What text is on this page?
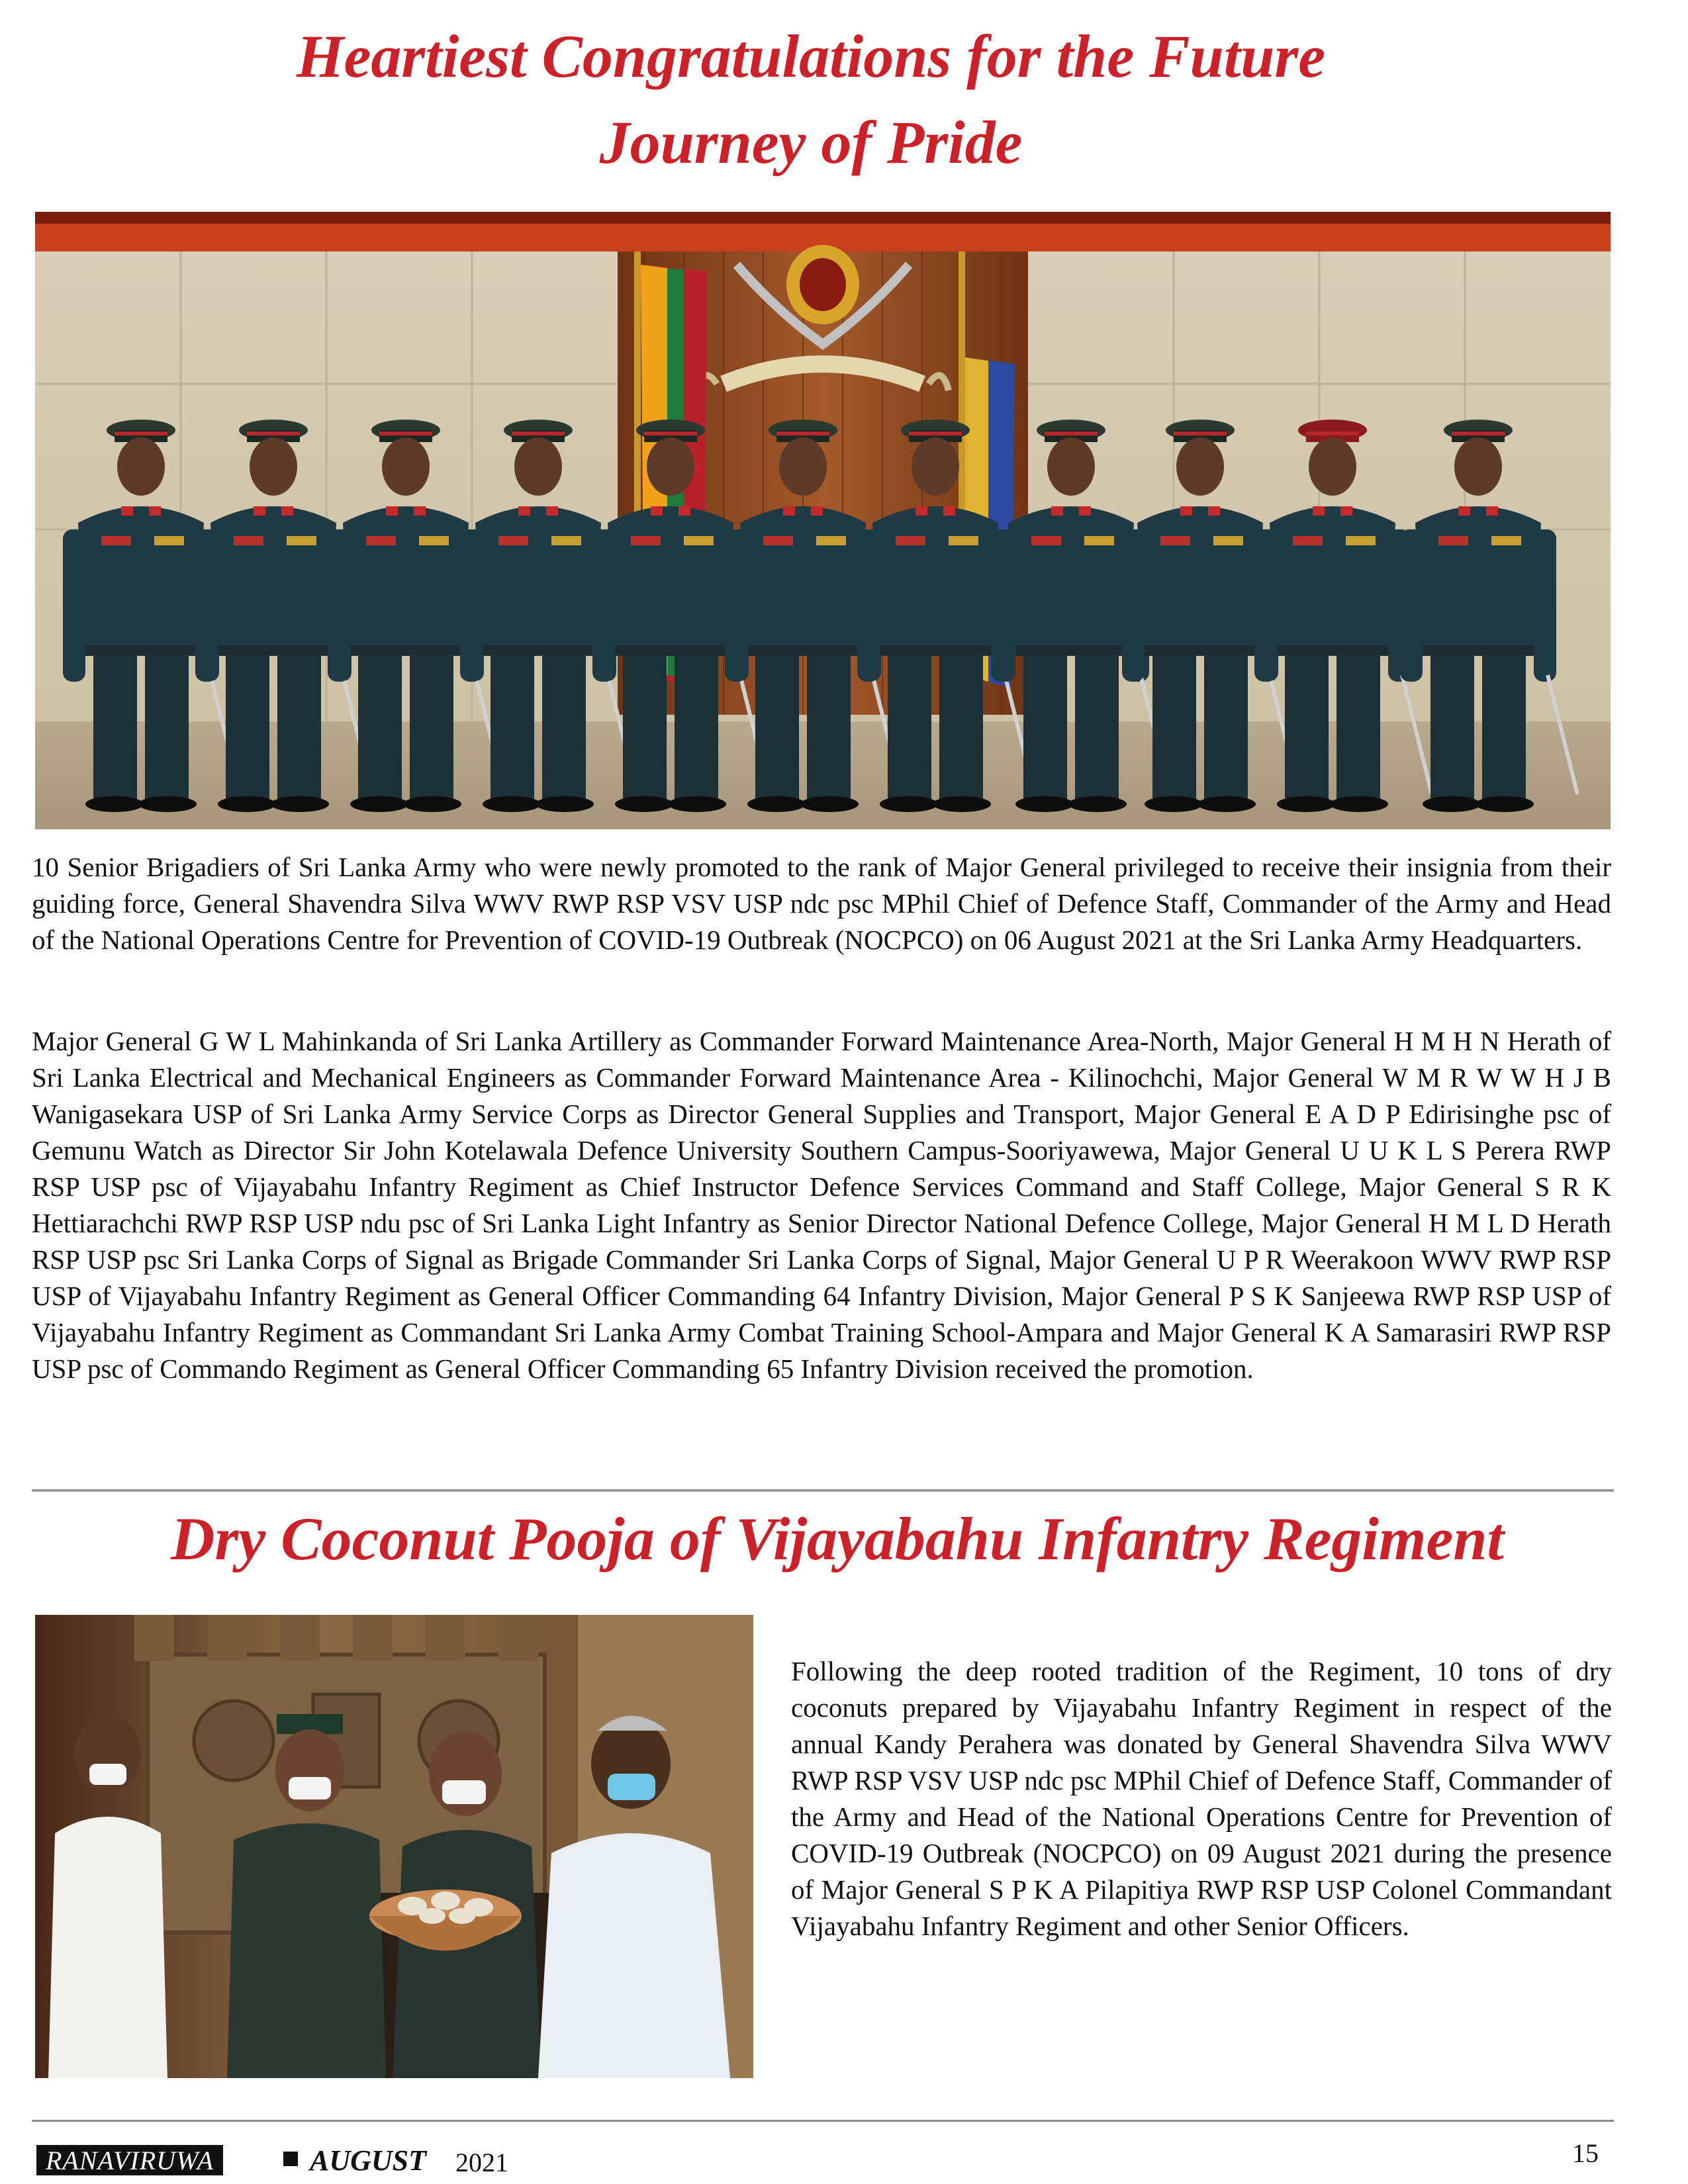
Heartiest Congratulations for the Future
Journey of Pride

10 Senior Brigadiers of Sri Lanka Army who were newly promoted to the rank of Major General privileged to receive their insignia from their guiding force, General Shavendra Silva WWV RWP RSP VSV USP ndc psc MPhil Chief of Defence Staff, Commander of the Army and Head of the National Operations Centre for Prevention of COVID-19 Outbreak (NOCPCO) on 06 August 2021 at the Sri Lanka Army Headquarters.

Major General G W L Mahinkanda of Sri Lanka Artillery as Commander Forward Maintenance Area-North, Major General H M H N Herath of Sri Lanka Electrical and Mechanical Engineers as Commander Forward Maintenance Area - Kilinochchi, Major General W M R W W H J B Wanigasekara USP of Sri Lanka Army Service Corps as Director General Supplies and Transport, Major General E A D P Edirisinghe psc of Gemunu Watch as Director Sir John Kotelawala Defence University Southern Campus-Sooriyawewa, Major General U U K L S Perera RWP RSP USP psc of Vijayabahu Infantry Regiment as Chief Instructor Defence Services Command and Staff College, Major General S R K Hettiarachchi RWP RSP USP ndu psc of Sri Lanka Light Infantry as Senior Director National Defence College, Major General H M L D Herath RSP USP psc Sri Lanka Corps of Signal as Brigade Commander Sri Lanka Corps of Signal, Major General U P R Weerakoon WWV RWP RSP USP of Vijayabahu Infantry Regiment as General Officer Commanding 64 Infantry Division, Major General P S K Sanjeewa RWP RSP USP of Vijayabahu Infantry Regiment as Commandant Sri Lanka Army Combat Training School-Ampara and Major General K A Samarasiri RWP RSP USP psc of Commando Regiment as General Officer Commanding 65 Infantry Division received the promotion.

Dry Coconut Pooja of Vijayabahu Infantry Regiment

Following the deep rooted tradition of the Regiment, 10 tons of dry coconuts prepared by Vijayabahu Infantry Regiment in respect of the annual Kandy Perahera was donated by General Shavendra Silva WWV RWP RSP VSV USP ndc psc MPhil Chief of Defence Staff, Commander of the Army and Head of the National Operations Centre for Prevention of COVID-19 Outbreak (NOCPCO) on 09 August 2021 during the presence of Major General S P K A Pilapitiya RWP RSP USP Colonel Commandant Vijayabahu Infantry Regiment and other Senior Officers.

RANAVIRUWA	AUGUST 2021	15
